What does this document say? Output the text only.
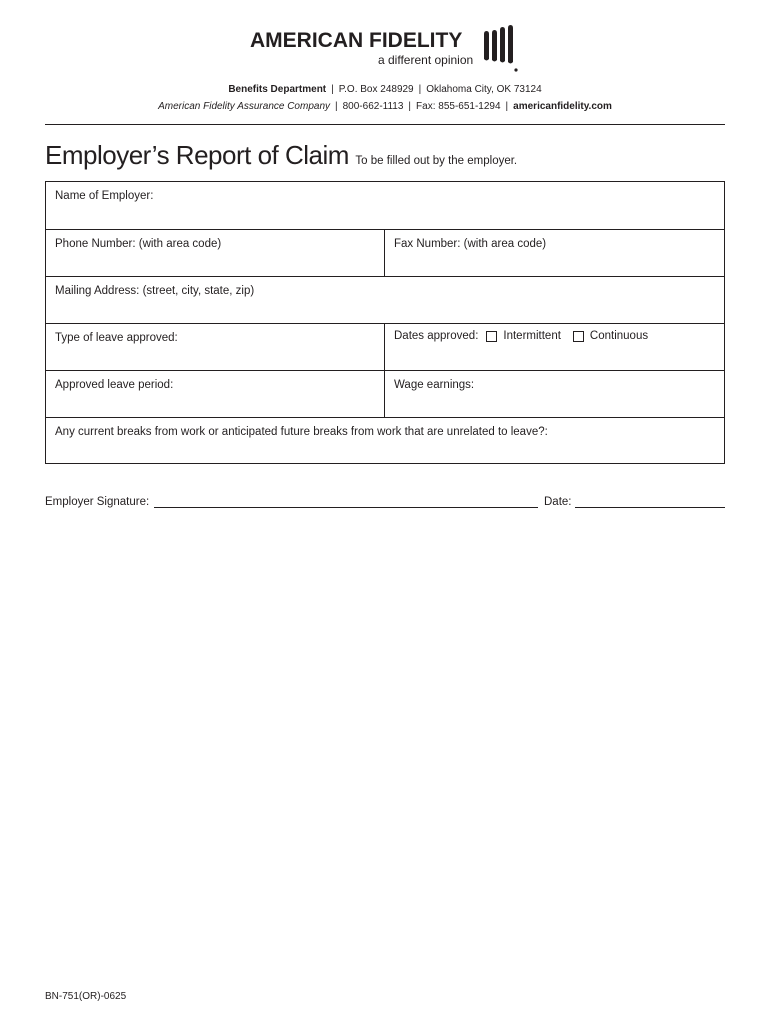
AMERICAN FIDELITY
a different opinion
Benefits Department | P.O. Box 248929 | Oklahoma City, OK 73124
American Fidelity Assurance Company | 800-662-1113 | Fax: 855-651-1294 | americanfidelity.com
Employer’s Report of Claim To be filled out by the employer.
Name of Employer:
Phone Number: (with area code)	Fax Number: (with area code)
Mailing Address: (street, city, state, zip)
Type of leave approved:	Dates approved: Intermittent	Continuous
Approved leave period:	Wage earnings:
Any current breaks from work or anticipated future breaks from work that are unrelated to leave?:
Employer Signature:	Date:
BN-751(OR)-0625
